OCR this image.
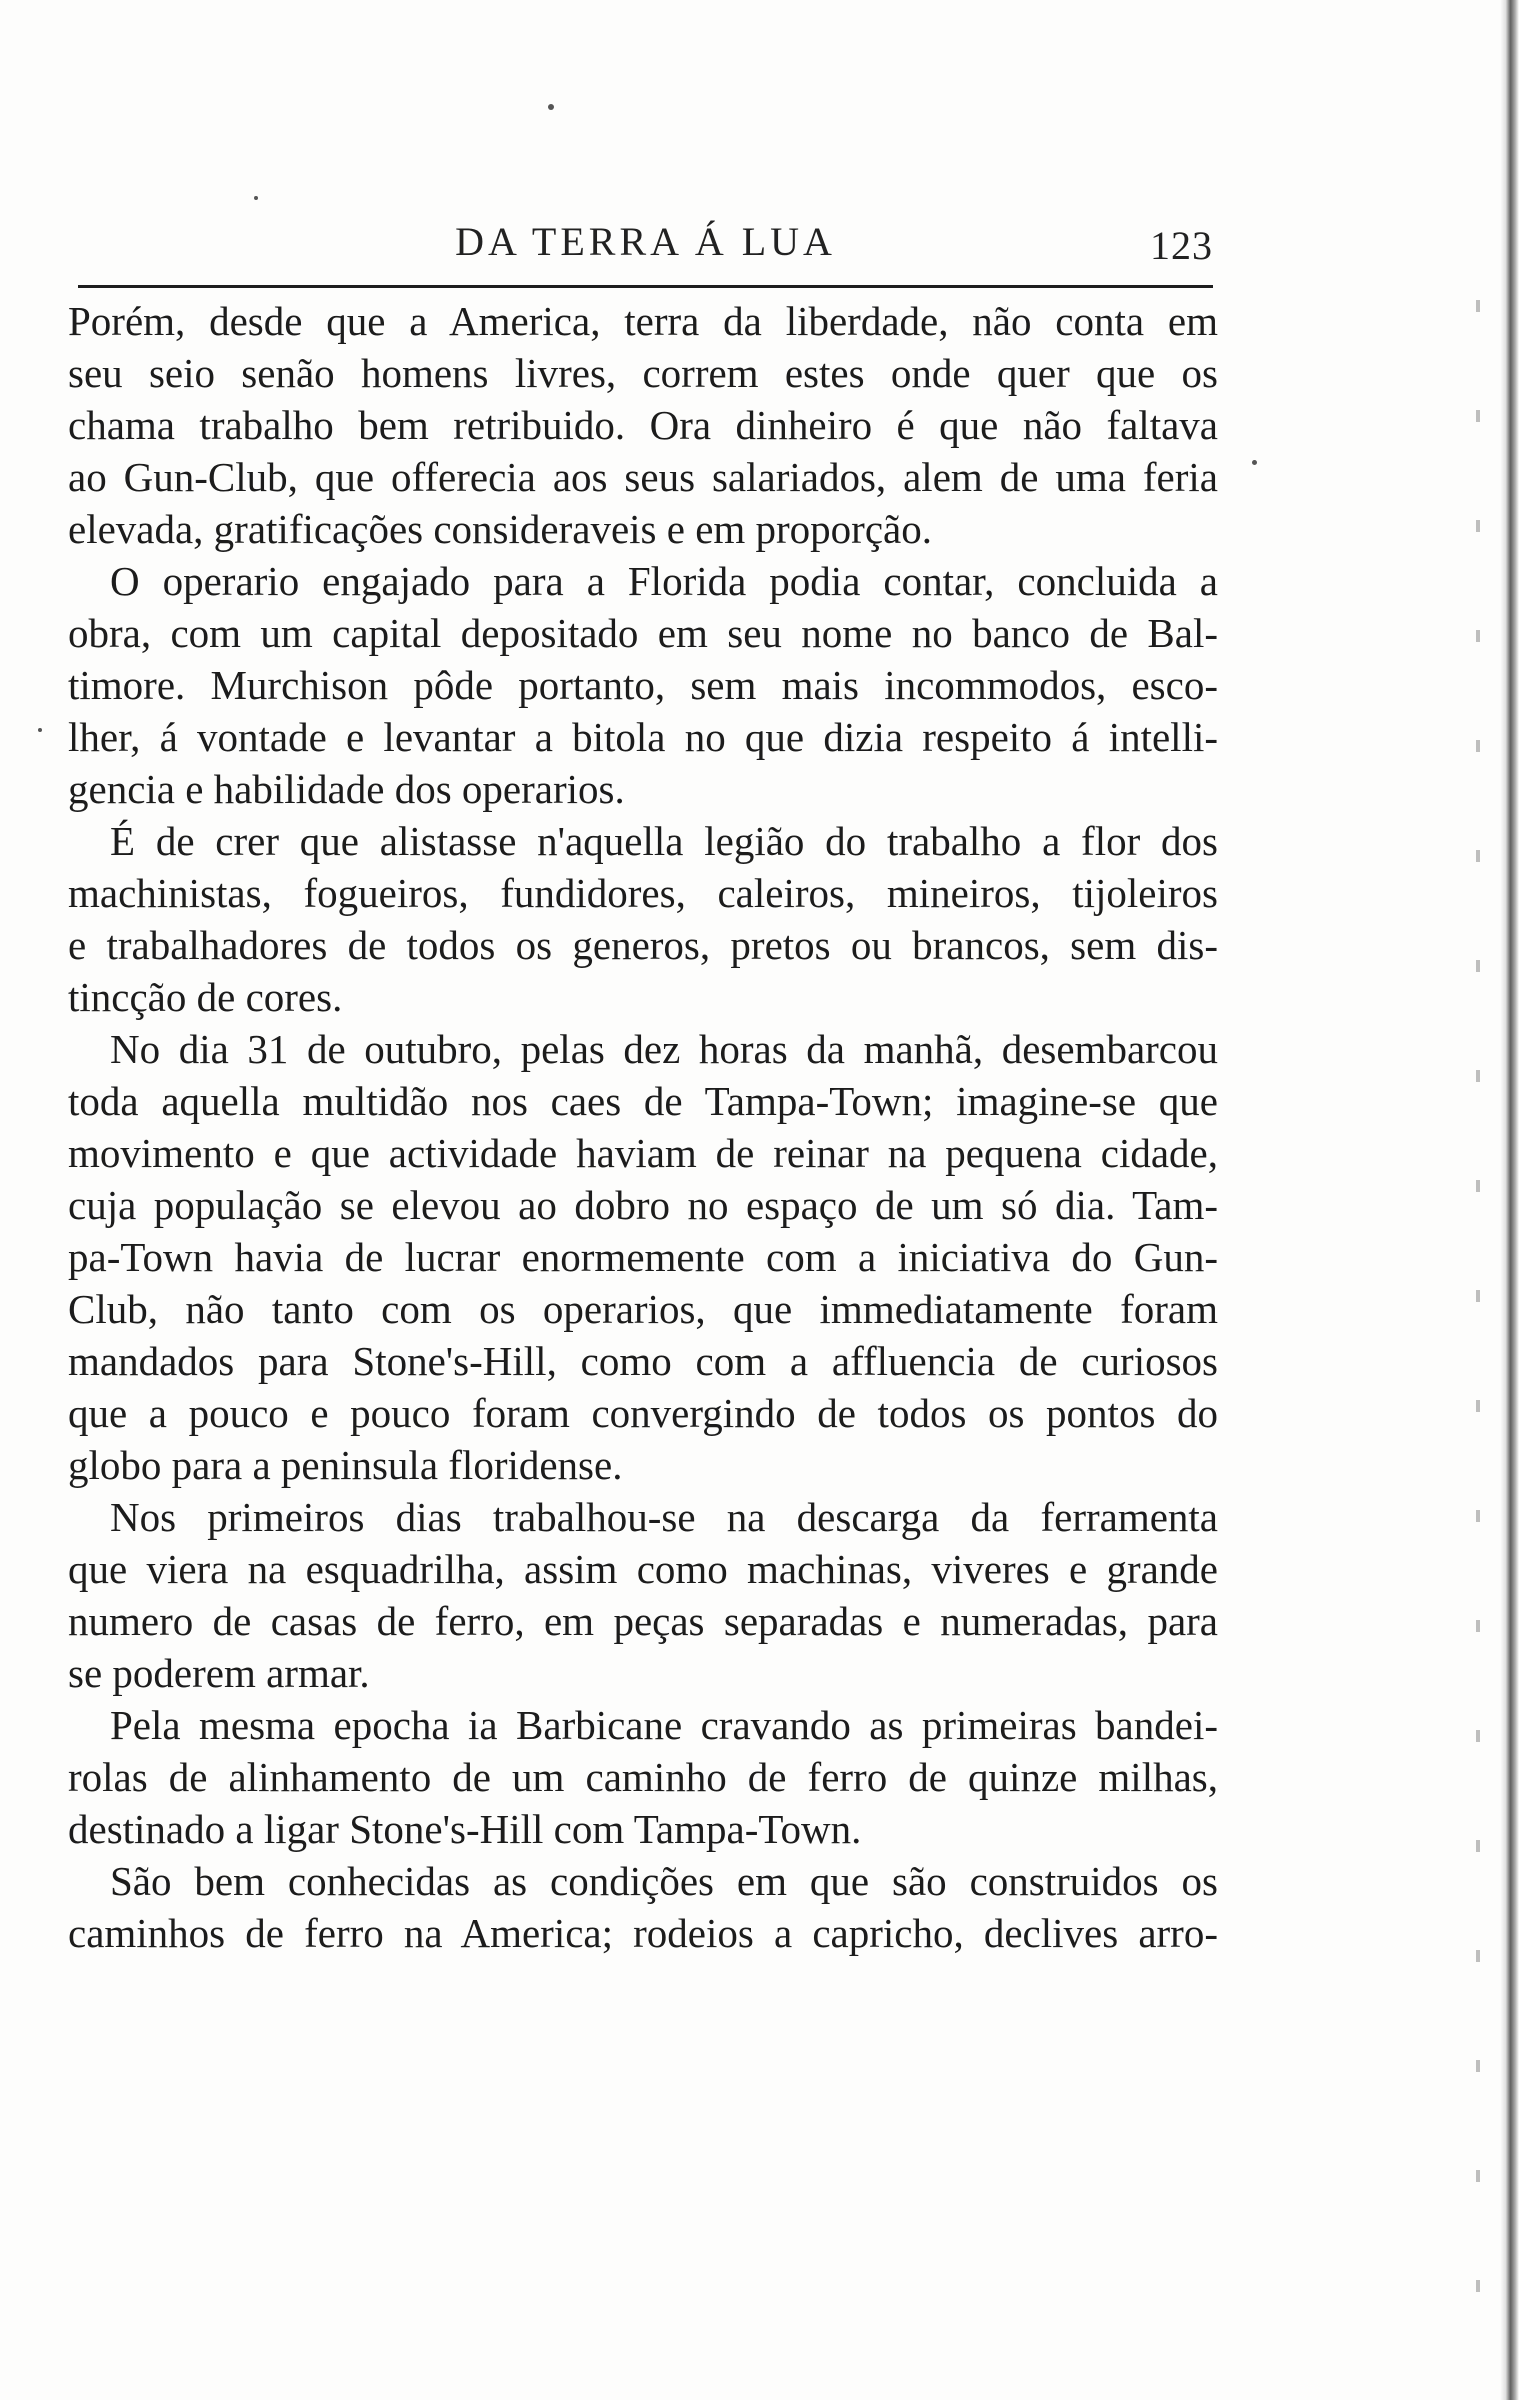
DA TERRA Á LUA	123
Porém, desde que a America, terra da liberdade, não conta em
seu seio senão homens livres, correm estes onde quer que os
chama trabalho bem retribuido. Ora dinheiro é que não faltava
ao Gun-Club, que offerecia aos seus salariados, alem de uma feria
elevada, gratificações consideraveis e em proporção.
O operario engajado para a Florida podia contar, concluida a
obra, com um capital depositado em seu nome no banco de Bal-
timore. Murchison pôde portanto, sem mais incommodos, esco-
lher, á vontade e levantar a bitola no que dizia respeito á intelli-
gencia e habilidade dos operarios.
É de crer que alistasse n'aquella legião do trabalho a flor dos
machinistas, fogueiros, fundidores, caleiros, mineiros, tijoleiros
e trabalhadores de todos os generos, pretos ou brancos, sem dis-
tincção de cores.
No dia 31 de outubro, pelas dez horas da manhã, desembarcou
toda aquella multidão nos caes de Tampa-Town; imagine-se que
movimento e que actividade haviam de reinar na pequena cidade,
cuja população se elevou ao dobro no espaço de um só dia. Tam-
pa-Town havia de lucrar enormemente com a iniciativa do Gun-
Club, não tanto com os operarios, que immediatamente foram
mandados para Stone's-Hill, como com a affluencia de curiosos
que a pouco e pouco foram convergindo de todos os pontos do
globo para a peninsula floridense.
Nos primeiros dias trabalhou-se na descarga da ferramenta
que viera na esquadrilha, assim como machinas, viveres e grande
numero de casas de ferro, em peças separadas e numeradas, para
se poderem armar.
Pela mesma epocha ia Barbicane cravando as primeiras bandei-
rolas de alinhamento de um caminho de ferro de quinze milhas,
destinado a ligar Stone's-Hill com Tampa-Town.
São bem conhecidas as condições em que são construidos os
caminhos de ferro na America; rodeios a capricho, declives arro-
